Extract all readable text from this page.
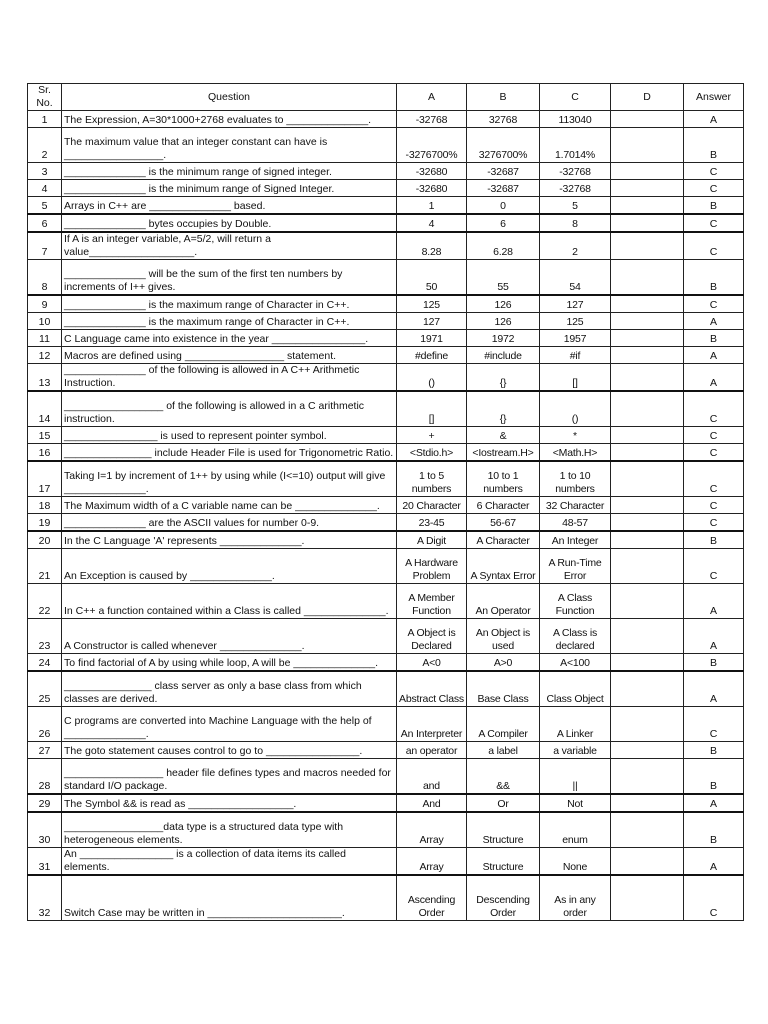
Sr. No.	Question	A	B	C	D	Answer
1	The Expression, A=30*1000+2768 evaluates to ______________.	-32768	32768	113040		A
2	The maximum value that an integer constant can have is _________________.	-3276700%	3276700%	1.7014%		B
3	______________ is the minimum range of signed integer.	-32680	-32687	-32768		C
4	______________ is the minimum range of Signed Integer.	-32680	-32687	-32768		C
5	Arrays in C++ are ______________ based.	1	0	5		B
6	______________ bytes occupies by Double.	4	6	8		C
7	If A is an integer variable, A=5/2, will return a value__________________.	8.28	6.28	2		C
8	______________ will be the sum of the first ten numbers by increments of I++ gives.	50	55	54		B
9	______________ is the maximum range of Character in C++.	125	126	127		C
10	______________ is the maximum range of Character in C++.	127	126	125		A
11	C Language came into existence in the year ________________.	1971	1972	1957		B
12	Macros are defined using _________________ statement.	#define	#include	#if		A
13	______________ of the following is allowed in A C++ Arithmetic Instruction.	()	{}	[]		A
14	_________________ of the following is allowed in a C arithmetic instruction.	[]	{}	()		C
15	________________ is used to represent pointer symbol.	+	&	*		C
16	_______________ include Header File is used for Trigonometric Ratio.	<Stdio.h>	<Iostream.H>	<Math.H>		C
17	Taking I=1 by increment of 1++ by using while (I<=10) output will give ______________.	1 to 5 numbers	10 to 1 numbers	1 to 10 numbers		C
18	The Maximum width of a C variable name can be ______________.	20 Character	6 Character	32 Character		C
19	______________ are the ASCII values for number 0-9.	23-45	56-67	48-57		C
20	In the C Language 'A' represents ______________.	A Digit	A Character	An Integer		B
21	An Exception is caused by ______________.	A Hardware Problem	A Syntax Error	A Run-Time Error		C
22	In C++ a function contained within a Class is called ______________.	A Member Function	An Operator	A Class Function		A
23	A Constructor is called whenever ______________.	A Object is Declared	An Object is used	A Class is declared		A
24	To find factorial of A by using while loop, A will be ______________.	A<0	A>0	A<100		B
25	_______________ class server as only a base class from which classes are derived.	Abstract Class	Base Class	Class Object		A
26	C programs are converted into Machine Language with the help of ______________.	An Interpreter	A Compiler	A Linker		C
27	The goto statement causes control to go to ________________.	an operator	a label	a variable		B
28	_________________ header file defines types and macros needed for standard I/O package.	and	&&	||		B
29	The Symbol && is read as __________________.	And	Or	Not		A
30	_________________data type is a structured data type with heterogeneous elements.	Array	Structure	enum		B
31	An ________________ is a collection of data items its called elements.	Array	Structure	None		A
32	Switch Case may be written in _______________________.	Ascending Order	Descending Order	As in any order		C
